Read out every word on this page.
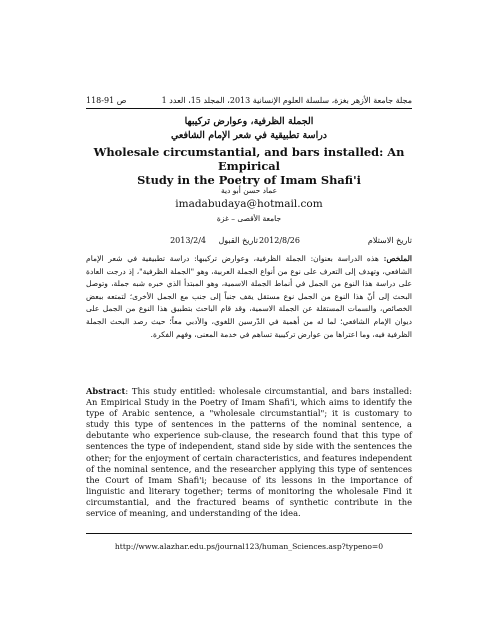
مجلة جامعة الأزهر بغزة، سلسلة العلوم الإنسانية 2013، المجلد 15، العدد 1
ص 91-118
الجملة الظرفية، وعوارض تركيبها
دراسة تطبيقية في شعر الإمام الشافعي
Wholesale circumstantial, and bars installed: An Empirical
Study in the Poetry of Imam Shafi'i
عماد حسن أبو دية
imadabudaya@hotmail.com
جامعة الأقصى – غزة
تاريخ الاستلام
2012/8/26
تاريخ القبول
2013/2/4
الملخص: هذه الدراسة بعنوان: الجملة الظرفية، وعوارض تركيبها: دراسة تطبيقية في شعر الإمام الشافعي، وتهدف إلى التعرف على نوع من أنواع الجملة العربية، وهو "الجملة الظرفية"، إذ درجت العادة على دراسة هذا النوع من الجمل في أنماط الجملة الاسمية، وهو المبتدأ الذي خبره شبه جملة، وتوصل البحث إلى أنّ هذا النوع من الجمل نوع مستقل يقف جنباً إلى جنب مع الجمل الأخرى؛ لتمتعه ببعض الخصائص، والسمات المستقلة عن الجملة الاسمية، وقد قام الباحث بتطبيق هذا النوع من الجمل على ديوان الإمام الشافعي؛ لما له من أهمية في الدّرسين اللغوي، والأدبي معاً؛ حيث رصد البحث الجملة الظرفية فيه، وما اعتراها من عوارض تركيبية تساهم في خدمة المعنى، وفهم الفكرة.
Abstract: This study entitled: wholesale circumstantial, and bars installed: An Empirical Study in the Poetry of Imam Shafi'i, which aims to identify the type of Arabic sentence, a "wholesale circumstantial"; it is customary to study this type of sentences in the patterns of the nominal sentence, a debutante who experience sub-clause, the research found that this type of sentences the type of independent, stand side by side with the sentences the other; for the enjoyment of certain characteristics, and features independent of the nominal sentence, and the researcher applying this type of sentences the Court of Imam Shafi'i; because of its lessons in the importance of linguistic and literary together; terms of monitoring the wholesale Find it circumstantial, and the fractured beams of synthetic contribute in the service of meaning, and understanding of the idea.
http://www.alazhar.edu.ps/journal123/human_Sciences.asp?typeno=0
